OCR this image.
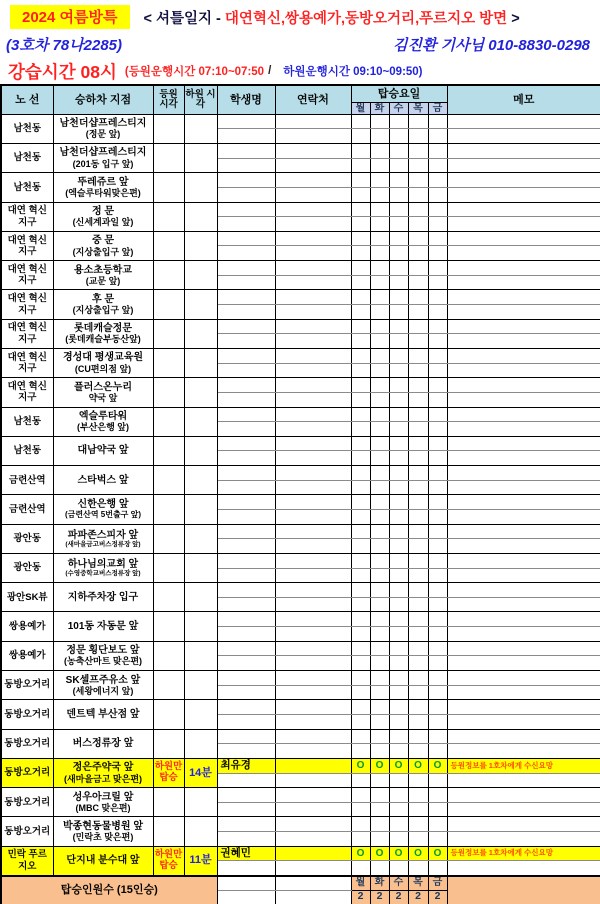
2024 여름방특	< 셔틀일지 - 대연혁신,쌍용예가,동방오거리,푸르지오 방면 >
(3호차 78나2285)	김진환 기사님 010-8830-0298
강습시간 08시 (등원운행시간 07:10~07:50 / 하원운행시간 09:10~09:50)
노 선	승하차 지점	등원 시각	하원 시각	학생명	연락처	탑승요일					메모
						월	화	수	목	금	
남천동	남천더샵프레스티지
(정문 앞)										

남천동	남천더샵프레스티지
(201동 입구 앞)										

남천동	뚜레쥬르 앞
(엑슬루타워맞은편)										

대연 혁신지구	정 문
(신세계과일 앞)										

대연 혁신지구	중 문
(지상출입구 앞)										

대연 혁신지구	용소초등학교
(교문 앞)										

대연 혁신지구	후 문
(지상출입구 앞)										

대연 혁신지구	롯데캐슬정문
(롯데캐슬부동산앞)										

대연 혁신지구	경성대 평생교육원
(CU편의점 앞)										

대연 혁신지구	플러스온누리
약국 앞										

남천동	엑슬루타워
(부산은행 앞)										

남천동	대남약국 앞										

금련산역	스타벅스 앞										

금련산역	신한은행 앞
(금련산역 5번출구 앞)										

광안동	파파존스피자 앞
(새마을금고버스정류장 앞)										

광안동	하나님의교회 앞
(수영중학교버스정류장 앞)										

광안SK뷰	지하주차장 입구										

쌍용예가	101동 자동문 앞										

쌍용예가	정문 횡단보도 앞
(농축산마트 맞은편)										

동방오거리	SK셀프주유소 앞
(세왕에너지 앞)										

동방오거리	덴트텍 부산점 앞										

동방오거리	버스정류장 앞										

동방오거리	정은주약국 앞
(새마을금고 맞은편)	하원만 탑승	14분	최유경		O	O	O	O	O	등원정보를 1호차에게 수신요망

동방오거리	성우아크릴 앞
(MBC 맞은편)										

동방오거리	박종현동물병원 앞
(민락초 맞은편)										

민락 푸르지오	단지내 분수대 앞	하원만 탑승	11분	권혜민		O	O	O	O	O	등원정보를 1호차에게 수신요망

탑승인원수 (15인승)						월	화	수	목	금	
						2	2	2	2	2	
